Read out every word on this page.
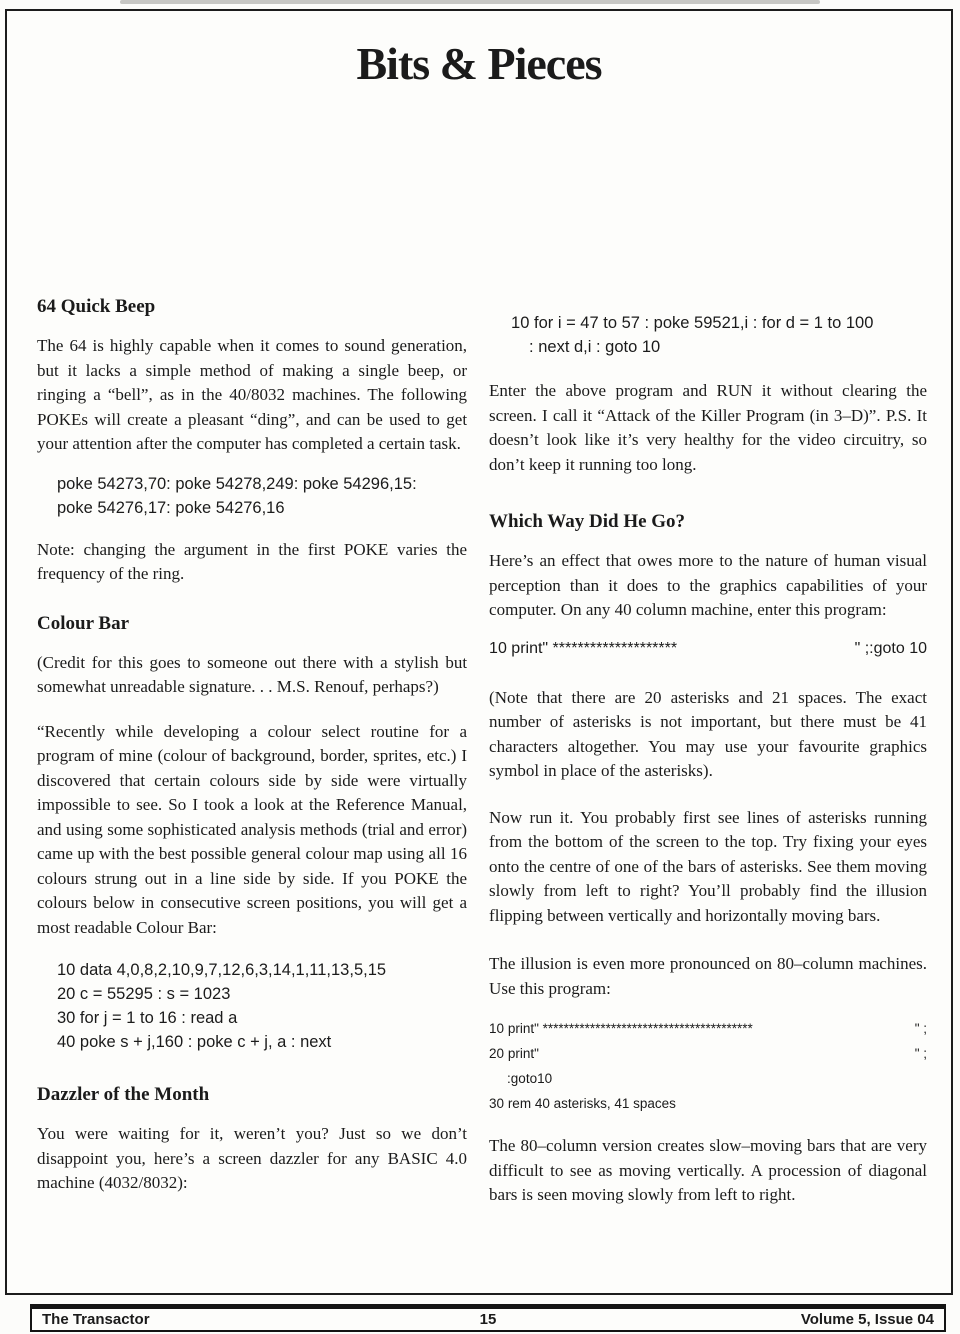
Bits & Pieces
64 Quick Beep

The 64 is highly capable when it comes to sound generation, but it lacks a simple method of making a single beep, or ringing a “bell”, as in the 40/8032 machines. The following POKEs will create a pleasant “ding”, and can be used to get your attention after the computer has completed a certain task.

poke 54273,70: poke 54278,249: poke 54296,15:
poke 54276,17: poke 54276,16

Note: changing the argument in the first POKE varies the frequency of the ring.

Colour Bar

(Credit for this goes to someone out there with a stylish but somewhat unreadable signature. . . M.S. Renouf, perhaps?)

“Recently while developing a colour select routine for a program of mine (colour of background, border, sprites, etc.) I discovered that certain colours side by side were virtually impossible to see. So I took a look at the Reference Manual, and using some sophisticated analysis methods (trial and error) came up with the best possible general colour map using all 16 colours strung out in a line side by side. If you POKE the colours below in consecutive screen positions, you will get a most readable Colour Bar:

10 data 4,0,8,2,10,9,7,12,6,3,14,1,11,13,5,15
20 c = 55295 : s = 1023
30 for j = 1 to 16 : read a
40 poke s + j,160 : poke c + j, a : next
Dazzler of the Month

You were waiting for it, weren’t you? Just so we don’t disappoint you, here’s a screen dazzler for any BASIC 4.0 machine (4032/8032):

10 for i = 47 to 57 : poke 59521,i : for d = 1 to 100
: next d,i : goto 10

Enter the above program and RUN it without clearing the screen. I call it “Attack of the Killer Program (in 3–D)”. P.S. It doesn’t look like it’s very healthy for the video circuitry, so don’t keep it running too long.

Which Way Did He Go?

Here’s an effect that owes more to the nature of human visual perception than it does to the graphics capabilities of your computer. On any 40 column machine, enter this program:

10 print" ********************	" ;:goto 10

(Note that there are 20 asterisks and 21 spaces. The exact number of asterisks is not important, but there must be 41 characters altogether. You may use your favourite graphics symbol in place of the asterisks).

Now run it. You probably first see lines of asterisks running from the bottom of the screen to the top. Try fixing your eyes onto the centre of one of the bars of asterisks. See them moving slowly from left to right? You’ll probably find the illusion flipping between vertically and horizontally moving bars.

The illusion is even more pronounced on 80–column machines. Use this program:

10 print" ****************************************	" ;
20 print"	" ;
:goto10
30 rem 40 asterisks, 41 spaces

The 80–column version creates slow–moving bars that are very difficult to see as moving vertically. A procession of diagonal bars is seen moving slowly from left to right.

The Transactor	15	Volume 5, Issue 04
